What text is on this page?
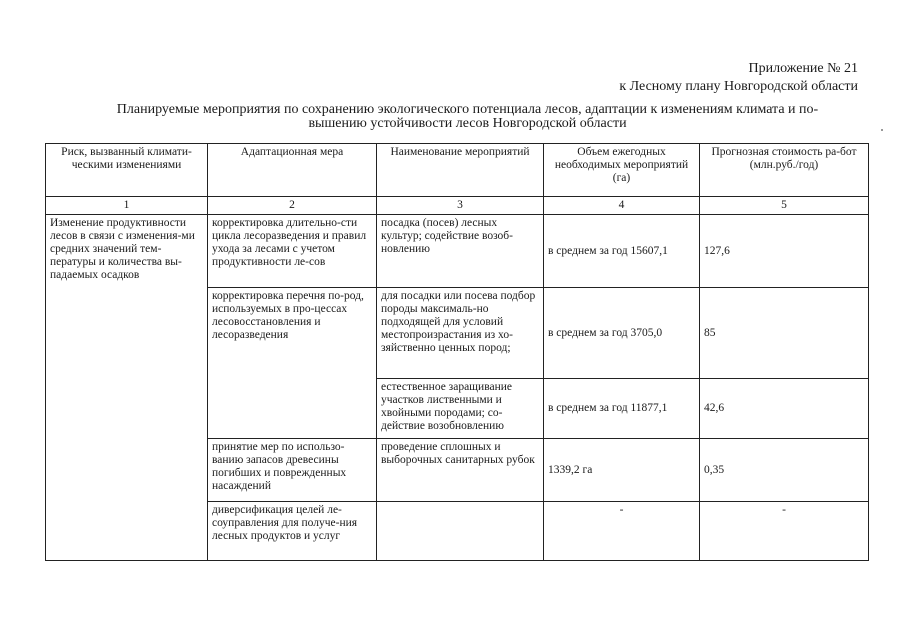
Приложение № 21
к Лесному плану Новгородской области
Планируемые мероприятия по сохранению экологического потенциала лесов, адаптации к изменениям климата и по-
вышению устойчивости лесов Новгородской области
Риск, вызванный климати-ческими изменениями	Адаптационная мера	Наименование мероприятий	Объем ежегодных необходимых мероприятий (га)	Прогнозная стоимость ра-бот (млн.руб./год)
1	2	3	4	5
Изменение продуктивности лесов в связи с изменения-ми средних значений тем-пературы и количества вы-падаемых осадков	корректировка длительно-сти цикла лесоразведения и правил ухода за лесами с учетом продуктивности ле-сов	посадка (посев) лесных культур; содействие возоб-новлению	в среднем за год 15607,1	127,6
	корректировка перечня по-род, используемых в про-цессах лесовосстановления и лесоразведения	для посадки или посева подбор породы максималь-но подходящей для условий местопроизрастания из хо-зяйственно ценных пород;	в среднем за год 3705,0	85
		естественное заращивание участков лиственными и хвойными породами; со-действие возобновлению	в среднем за год 11877,1	42,6
	принятие мер по использо-ванию запасов древесины погибших и поврежденных насаждений	проведение сплошных и выборочных санитарных рубок	1339,2 га	0,35
	диверсификация целей ле-соуправления для получе-ния лесных продуктов и услуг		-	-
